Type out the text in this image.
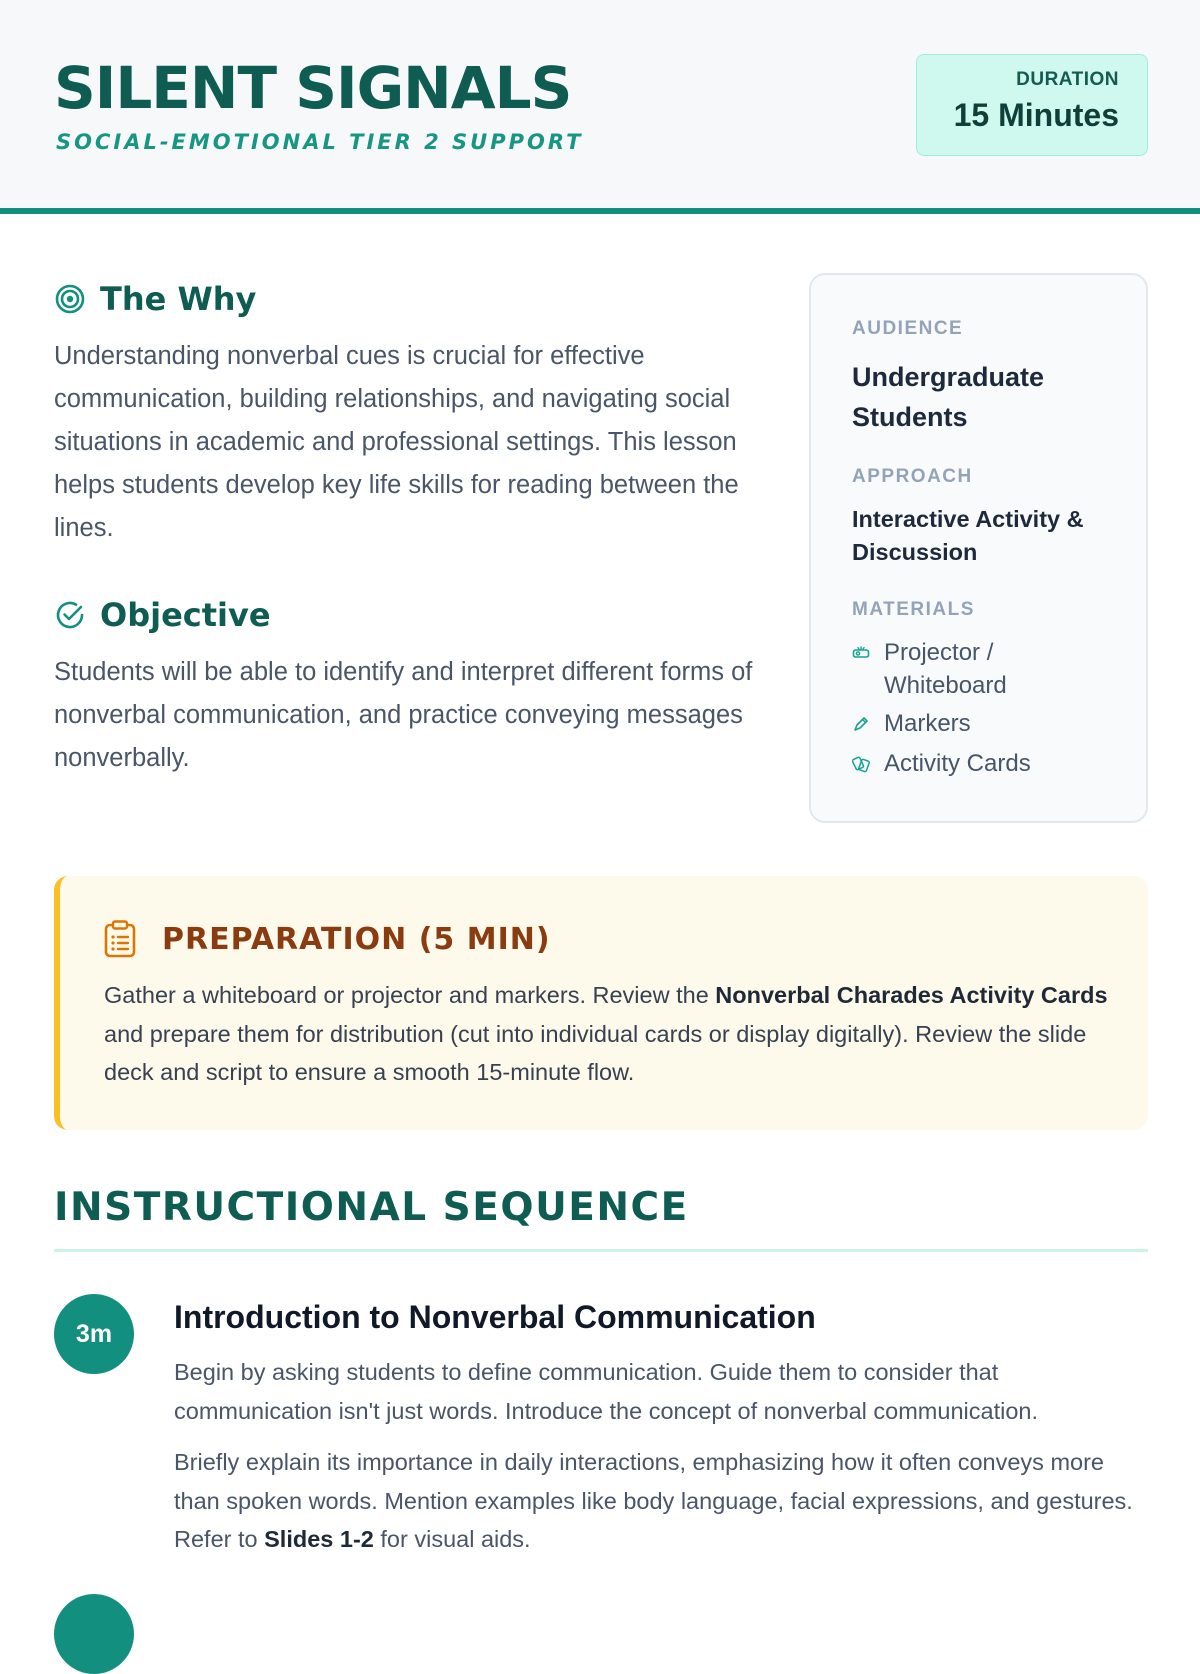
SILENT SIGNALS
SOCIAL-EMOTIONAL TIER 2 SUPPORT
DURATION
15 Minutes
The Why

Understanding nonverbal cues is crucial for effective communication, building relationships, and navigating social situations in academic and professional settings. This lesson helps students develop key life skills for reading between the lines.

Objective

Students will be able to identify and interpret different forms of nonverbal communication, and practice conveying messages nonverbally.

AUDIENCE
Undergraduate Students
APPROACH
Interactive Activity & Discussion
MATERIALS
Projector / Whiteboard
Markers
Activity Cards
PREPARATION (5 MIN)

Gather a whiteboard or projector and markers. Review the Nonverbal Charades Activity Cards and prepare them for distribution (cut into individual cards or display digitally). Review the slide deck and script to ensure a smooth 15-minute flow.

INSTRUCTIONAL SEQUENCE
3m	Introduction to Nonverbal Communication

Begin by asking students to define communication. Guide them to consider that communication isn't just words. Introduce the concept of nonverbal communication.

Briefly explain its importance in daily interactions, emphasizing how it often conveys more than spoken words. Mention examples like body language, facial expressions, and gestures. Refer to Slides 1-2 for visual aids.
